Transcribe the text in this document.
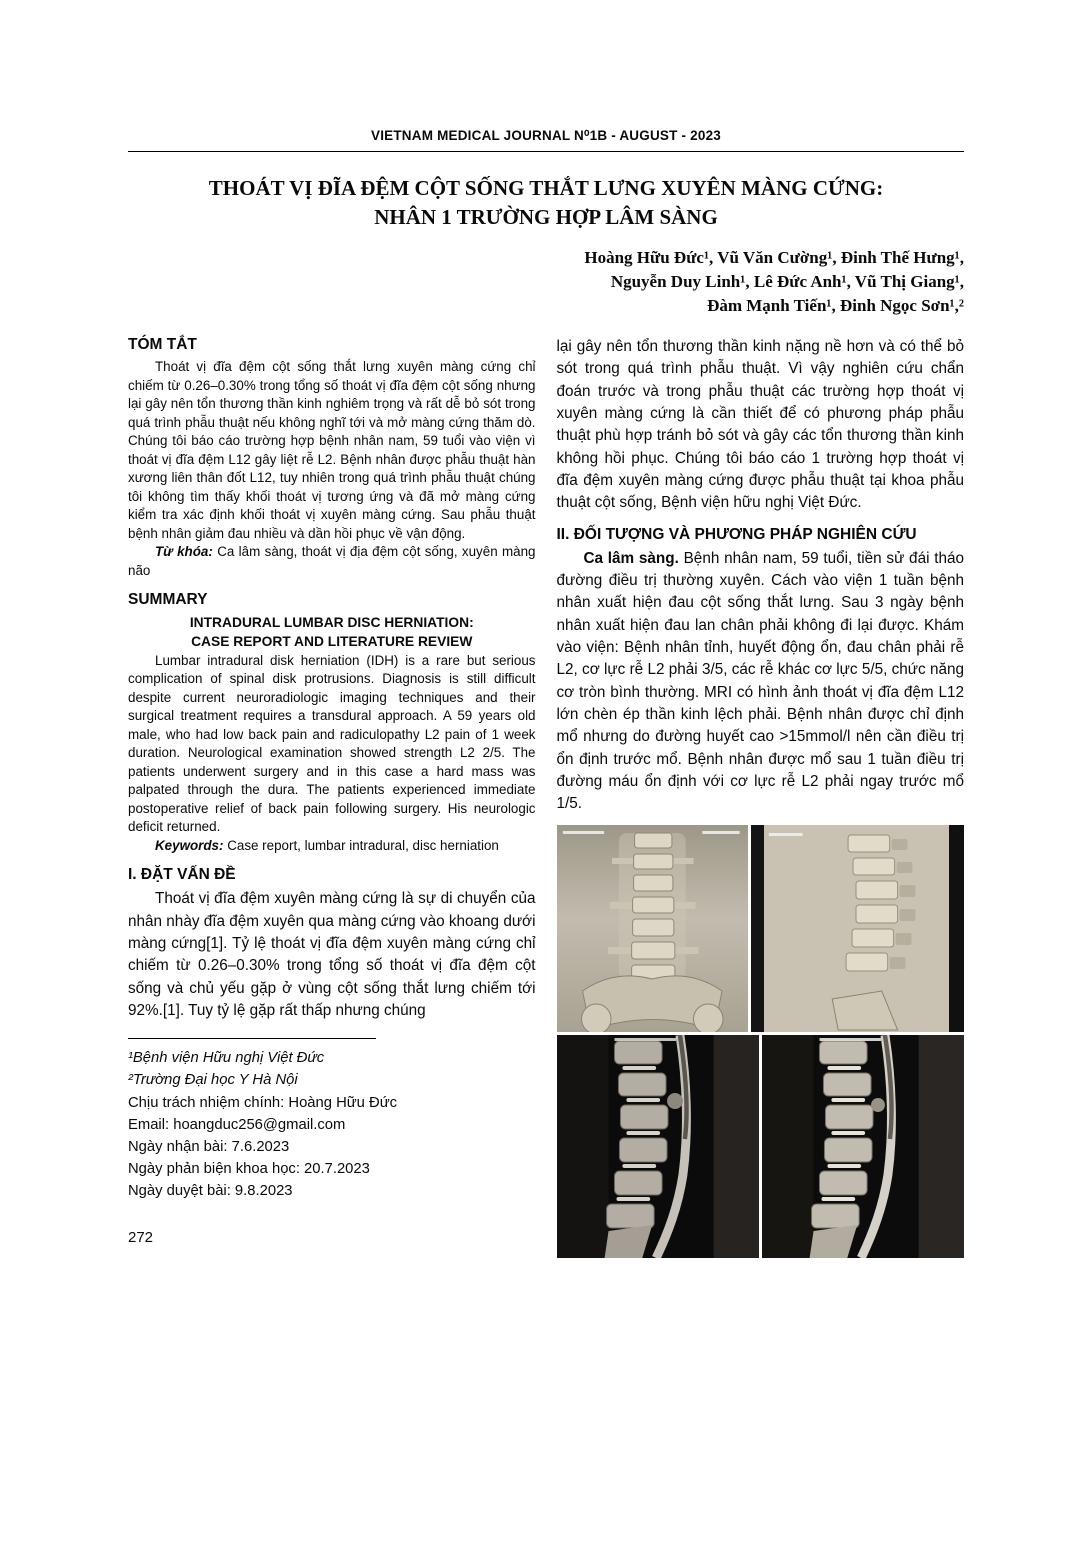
VIETNAM MEDICAL JOURNAL N⁰1B - AUGUST - 2023
THOÁT VỊ ĐĨA ĐỆM CỘT SỐNG THẮT LƯNG XUYÊN MÀNG CỨNG:
NHÂN 1 TRƯỜNG HỢP LÂM SÀNG
Hoàng Hữu Đức¹, Vũ Văn Cường¹, Đinh Thế Hưng¹,
Nguyễn Duy Linh¹, Lê Đức Anh¹, Vũ Thị Giang¹,
Đàm Mạnh Tiến¹, Đinh Ngọc Sơn¹,²
TÓM TẮT

Thoát vị đĩa đệm cột sống thắt lưng xuyên màng cứng chỉ chiếm từ 0.26–0.30% trong tổng số thoát vị đĩa đệm cột sống nhưng lại gây nên tổn thương thần kinh nghiêm trọng và rất dễ bỏ sót trong quá trình phẫu thuật nếu không nghĩ tới và mở màng cứng thăm dò. Chúng tôi báo cáo trường hợp bệnh nhân nam, 59 tuổi vào viện vì thoát vị đĩa đệm L12 gây liệt rễ L2. Bệnh nhân được phẫu thuật hàn xương liên thân đốt L12, tuy nhiên trong quá trình phẫu thuật chúng tôi không tìm thấy khối thoát vị tương ứng và đã mở màng cứng kiểm tra xác định khối thoát vị xuyên màng cứng. Sau phẫu thuật bệnh nhân giảm đau nhiều và dần hồi phục về vận động.

Từ khóa: Ca lâm sàng, thoát vị địa đệm cột sống, xuyên màng não

SUMMARY
INTRADURAL LUMBAR DISC HERNIATION:
CASE REPORT AND LITERATURE REVIEW

Lumbar intradural disk herniation (IDH) is a rare but serious complication of spinal disk protrusions. Diagnosis is still difficult despite current neuroradiologic imaging techniques and their surgical treatment requires a transdural approach. A 59 years old male, who had low back pain and radiculopathy L2 pain of 1 week duration. Neurological examination showed strength L2 2/5. The patients underwent surgery and in this case a hard mass was palpated through the dura. The patients experienced immediate postoperative relief of back pain following surgery. His neurologic deficit returned.

Keywords: Case report, lumbar intradural, disc herniation

I. ĐẶT VẤN ĐỀ

Thoát vị đĩa đệm xuyên màng cứng là sự di chuyển của nhân nhày đĩa đệm xuyên qua màng cứng vào khoang dưới màng cứng[1]. Tỷ lệ thoát vị đĩa đệm xuyên màng cứng chỉ chiếm từ 0.26–0.30% trong tổng số thoát vị đĩa đệm cột sống và chủ yếu gặp ở vùng cột sống thắt lưng chiếm tới 92%.[1]. Tuy tỷ lệ gặp rất thấp nhưng chúng

¹Bệnh viện Hữu nghị Việt Đức
²Trường Đại học Y Hà Nội
Chịu trách nhiệm chính: Hoàng Hữu Đức
Email: hoangduc256@gmail.com
Ngày nhận bài: 7.6.2023
Ngày phản biện khoa học: 20.7.2023
Ngày duyệt bài: 9.8.2023
272

lại gây nên tổn thương thần kinh nặng nề hơn và có thể bỏ sót trong quá trình phẫu thuật. Vì vậy nghiên cứu chẩn đoán trước và trong phẫu thuật các trường hợp thoát vị xuyên màng cứng là cần thiết để có phương pháp phẫu thuật phù hợp tránh bỏ sót và gây các tổn thương thần kinh không hồi phục. Chúng tôi báo cáo 1 trường hợp thoát vị đĩa đệm xuyên màng cứng được phẫu thuật tại khoa phẫu thuật cột sống, Bệnh viện hữu nghị Việt Đức.

II. ĐỐI TƯỢNG VÀ PHƯƠNG PHÁP NGHIÊN CỨU

Ca lâm sàng. Bệnh nhân nam, 59 tuổi, tiền sử đái tháo đường điều trị thường xuyên. Cách vào viện 1 tuần bệnh nhân xuất hiện đau cột sống thắt lưng. Sau 3 ngày bệnh nhân xuất hiện đau lan chân phải không đi lại được. Khám vào viện: Bệnh nhân tỉnh, huyết động ổn, đau chân phải rễ L2, cơ lực rễ L2 phải 3/5, các rễ khác cơ lực 5/5, chức năng cơ tròn bình thường. MRI có hình ảnh thoát vị đĩa đệm L12 lớn chèn ép thần kinh lệch phải. Bệnh nhân được chỉ định mổ nhưng do đường huyết cao >15mmol/l nên cần điều trị ổn định trước mổ. Bệnh nhân được mổ sau 1 tuần điều trị đường máu ổn định với cơ lực rễ L2 phải ngay trước mổ 1/5.
